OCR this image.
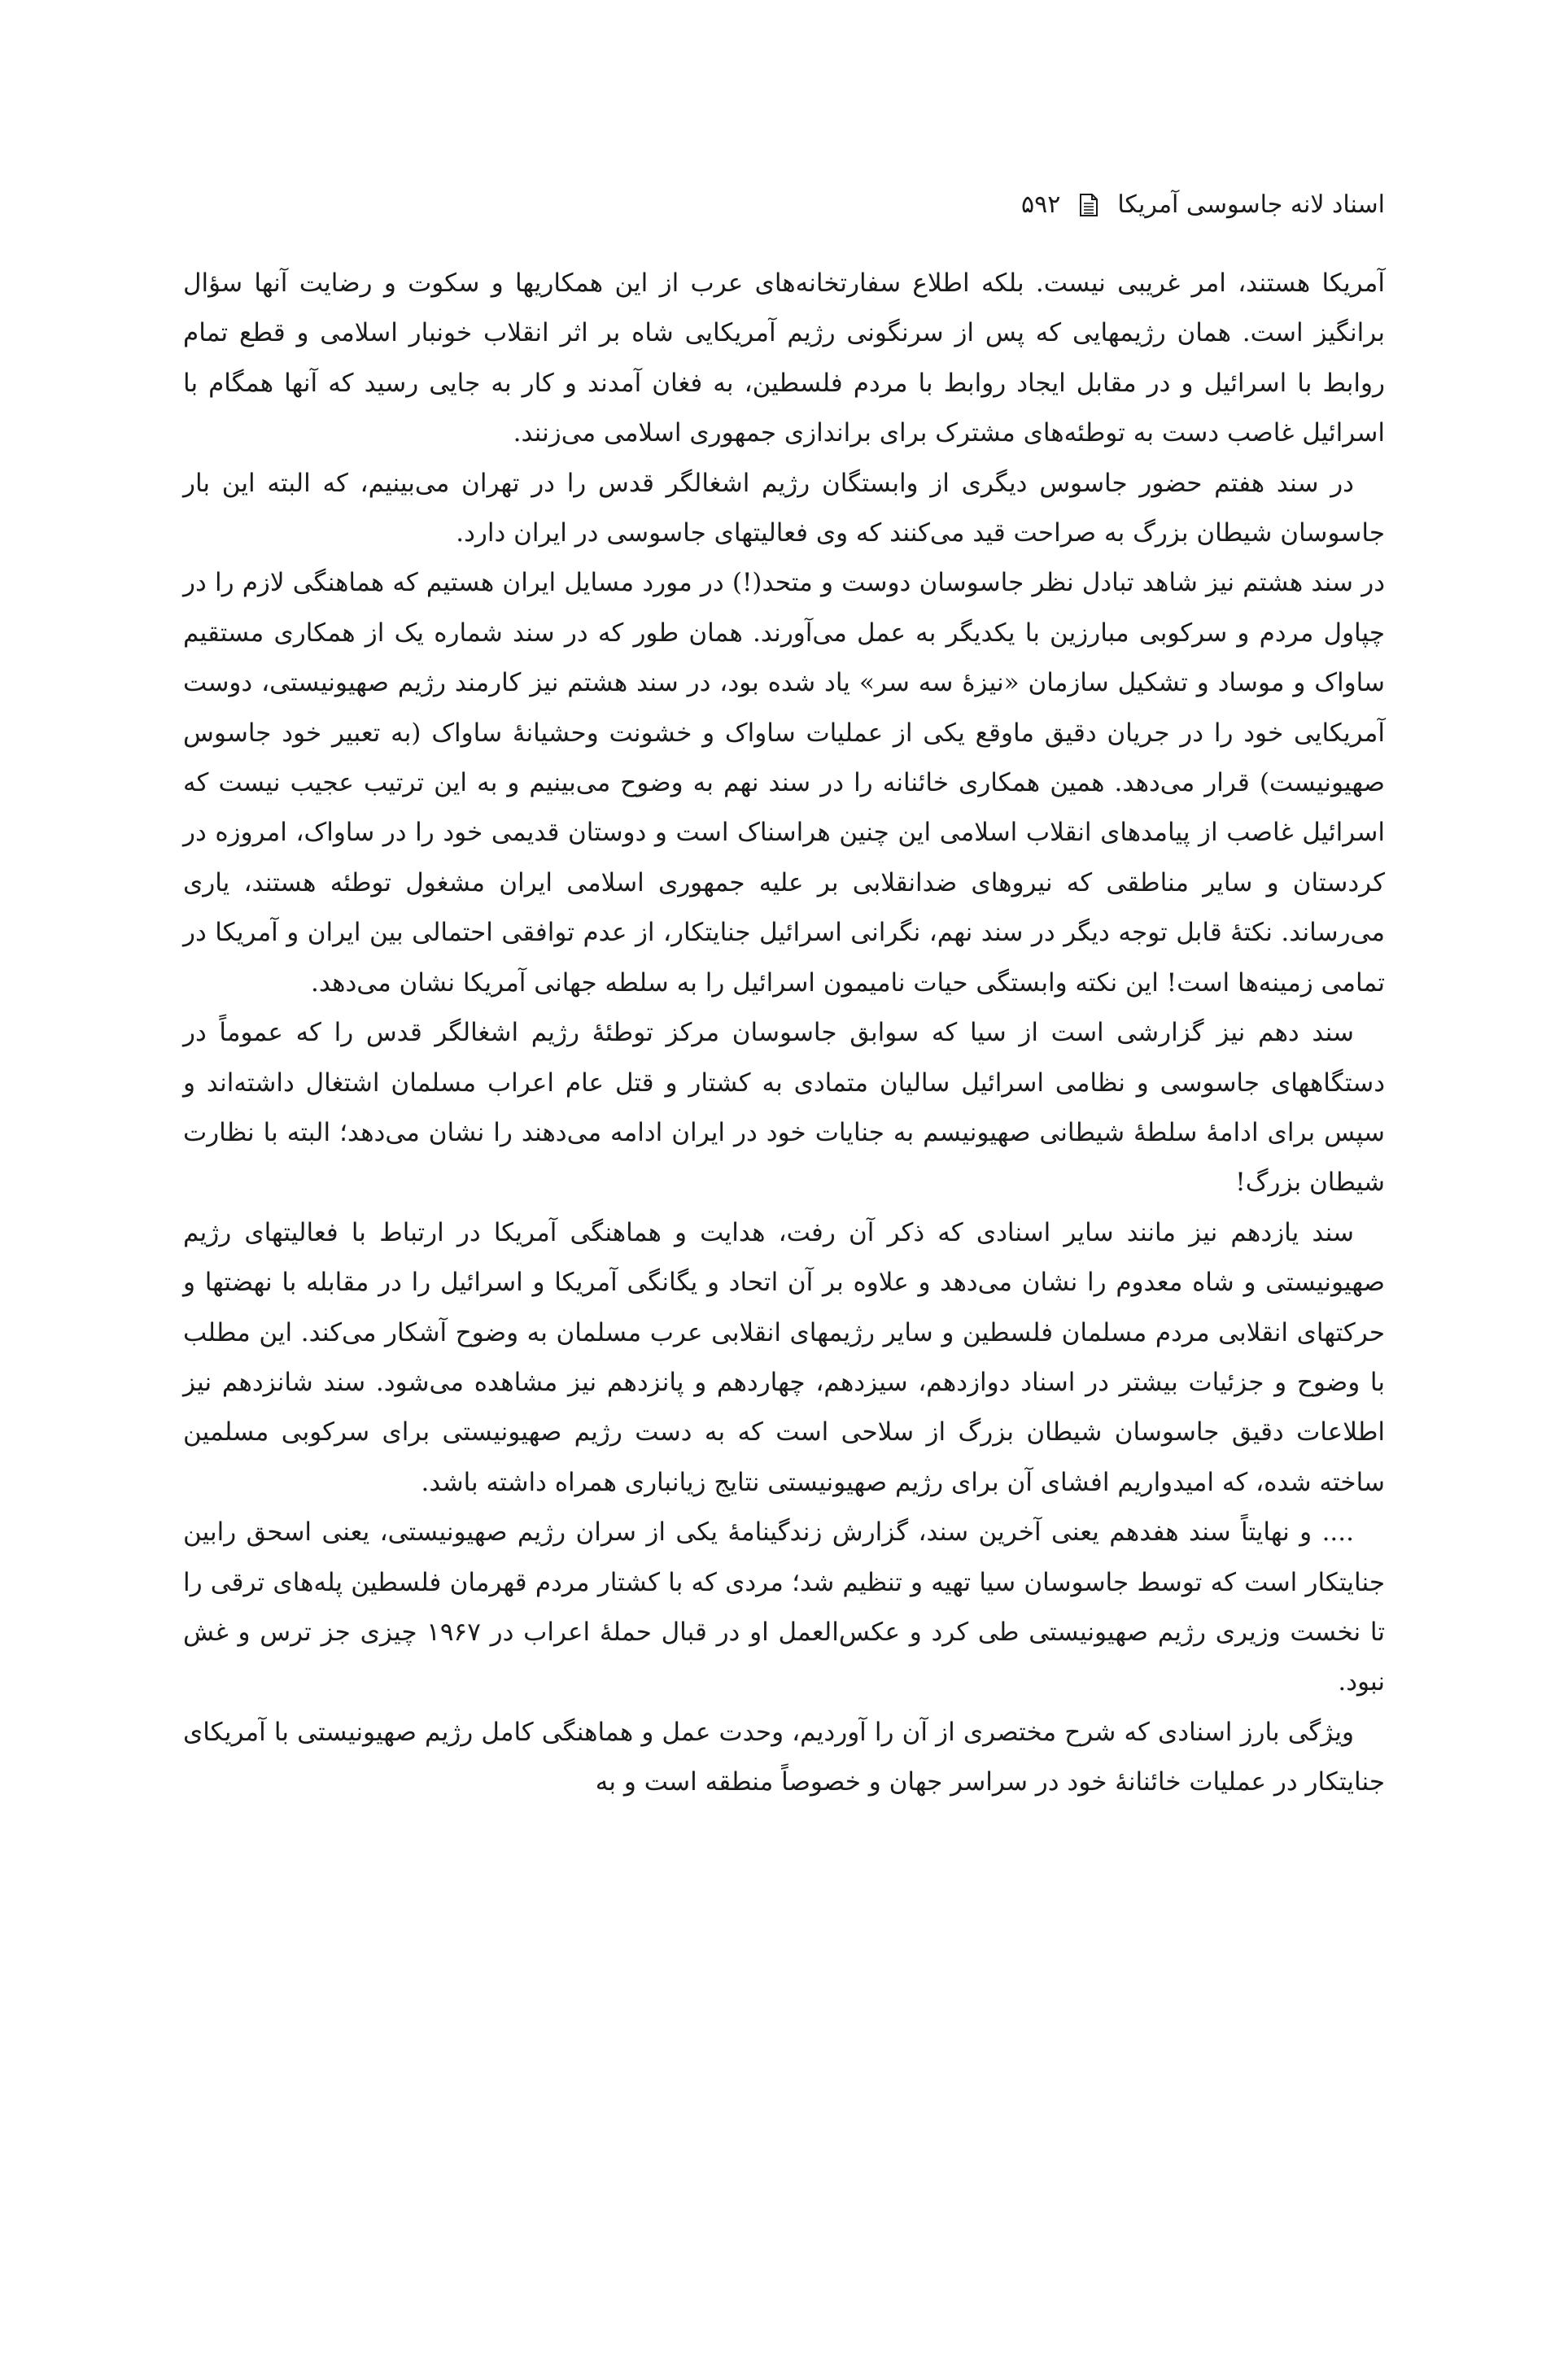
اسناد لانه جاسوسی آمریکا
۵۹۲

آمریکا هستند، امر غریبی نیست. بلکه اطلاع سفارتخانه‌های عرب از این همکاریها و سکوت و رضایت آنها سؤال برانگیز است. همان رژیمهایی که پس از سرنگونی رژیم آمریکایی شاه بر اثر انقلاب خونبار اسلامی و قطع تمام روابط با اسرائیل و در مقابل ایجاد روابط با مردم فلسطین، به فغان آمدند و کار به جایی رسید که آنها همگام با اسرائیل غاصب دست به توطئه‌های مشترک برای براندازی جمهوری اسلامی می‌زنند.

در سند هفتم حضور جاسوس دیگری از وابستگان رژیم اشغالگر قدس را در تهران می‌بینیم، که البته این بار جاسوسان شیطان بزرگ به صراحت قید می‌کنند که وی فعالیتهای جاسوسی در ایران دارد.

در سند هشتم نیز شاهد تبادل نظر جاسوسان دوست و متحد(!) در مورد مسایل ایران هستیم که هماهنگی لازم را در چپاول مردم و سرکوبی مبارزین با یکدیگر به عمل می‌آورند. همان طور که در سند شماره یک از همکاری مستقیم ساواک و موساد و تشکیل سازمان «نیزهٔ سه سر» یاد شده بود، در سند هشتم نیز کارمند رژیم صهیونیستی، دوست آمریکایی خود را در جریان دقیق ماوقع یکی از عملیات ساواک و خشونت وحشیانهٔ ساواک (به تعبیر خود جاسوس صهیونیست) قرار می‌دهد. همین همکاری خائنانه را در سند نهم به وضوح می‌بینیم و به این ترتیب عجیب نیست که اسرائیل غاصب از پیامدهای انقلاب اسلامی این چنین هراسناک است و دوستان قدیمی خود را در ساواک، امروزه در کردستان و سایر مناطقی که نیروهای ضدانقلابی بر علیه جمهوری اسلامی ایران مشغول توطئه هستند، یاری می‌رساند. نکتهٔ قابل توجه دیگر در سند نهم، نگرانی اسرائیل جنایتکار، از عدم توافقی احتمالی بین ایران و آمریکا در تمامی زمینه‌ها است! این نکته وابستگی حیات نامیمون اسرائیل را به سلطه جهانی آمریکا نشان می‌دهد.

سند دهم نیز گزارشی است از سیا که سوابق جاسوسان مرکز توطئهٔ رژیم اشغالگر قدس را که عموماً در دستگاههای جاسوسی و نظامی اسرائیل سالیان متمادی به کشتار و قتل عام اعراب مسلمان اشتغال داشته‌اند و سپس برای ادامهٔ سلطهٔ شیطانی صهیونیسم به جنایات خود در ایران ادامه می‌دهند را نشان می‌دهد؛ البته با نظارت شیطان بزرگ!

سند یازدهم نیز مانند سایر اسنادی که ذکر آن رفت، هدایت و هماهنگی آمریکا در ارتباط با فعالیتهای رژیم صهیونیستی و شاه معدوم را نشان می‌دهد و علاوه بر آن اتحاد و یگانگی آمریکا و اسرائیل را در مقابله با نهضتها و حرکتهای انقلابی مردم مسلمان فلسطین و سایر رژیمهای انقلابی عرب مسلمان به وضوح آشکار می‌کند. این مطلب با وضوح و جزئیات بیشتر در اسناد دوازدهم، سیزدهم، چهاردهم و پانزدهم نیز مشاهده می‌شود. سند شانزدهم نیز اطلاعات دقیق جاسوسان شیطان بزرگ از سلاحی است که به دست رژیم صهیونیستی برای سرکوبی مسلمین ساخته شده، که امیدواریم افشای آن برای رژیم صهیونیستی نتایج زیانباری همراه داشته باشد.

.... و نهایتاً سند هفدهم یعنی آخرین سند، گزارش زندگینامهٔ یکی از سران رژیم صهیونیستی، یعنی اسحق رابین جنایتکار است که توسط جاسوسان سیا تهیه و تنظیم شد؛ مردی که با کشتار مردم قهرمان فلسطین پله‌های ترقی را تا نخست وزیری رژیم صهیونیستی طی کرد و عکس‌العمل او در قبال حملهٔ اعراب در ۱۹۶۷ چیزی جز ترس و غش نبود.

ویژگی بارز اسنادی که شرح مختصری از آن را آوردیم، وحدت عمل و هماهنگی کامل رژیم صهیونیستی با آمریکای جنایتکار در عملیات خائنانهٔ خود در سراسر جهان و خصوصاً منطقه است و به
